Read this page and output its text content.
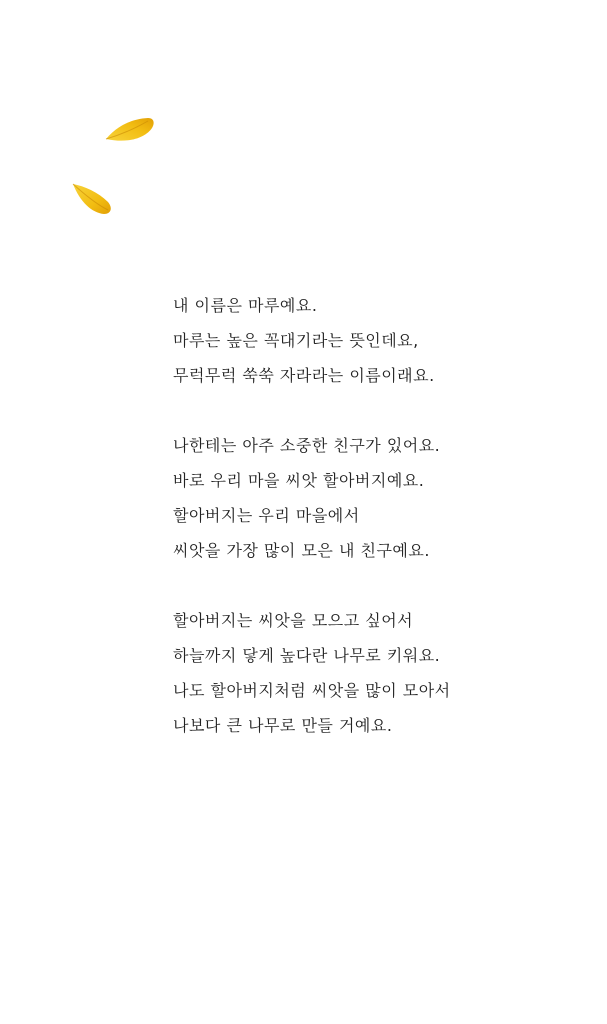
내 이름은 마루예요.
마루는 높은 꼭대기라는 뜻인데요,
무럭무럭 쑥쑥 자라라는 이름이래요.

나한테는 아주 소중한 친구가 있어요.
바로 우리 마을 씨앗 할아버지예요.
할아버지는 우리 마을에서
씨앗을 가장 많이 모은 내 친구예요.

할아버지는 씨앗을 모으고 싶어서
하늘까지 닿게 높다란 나무로 키워요.
나도 할아버지처럼 씨앗을 많이 모아서
나보다 큰 나무로 만들 거예요.
